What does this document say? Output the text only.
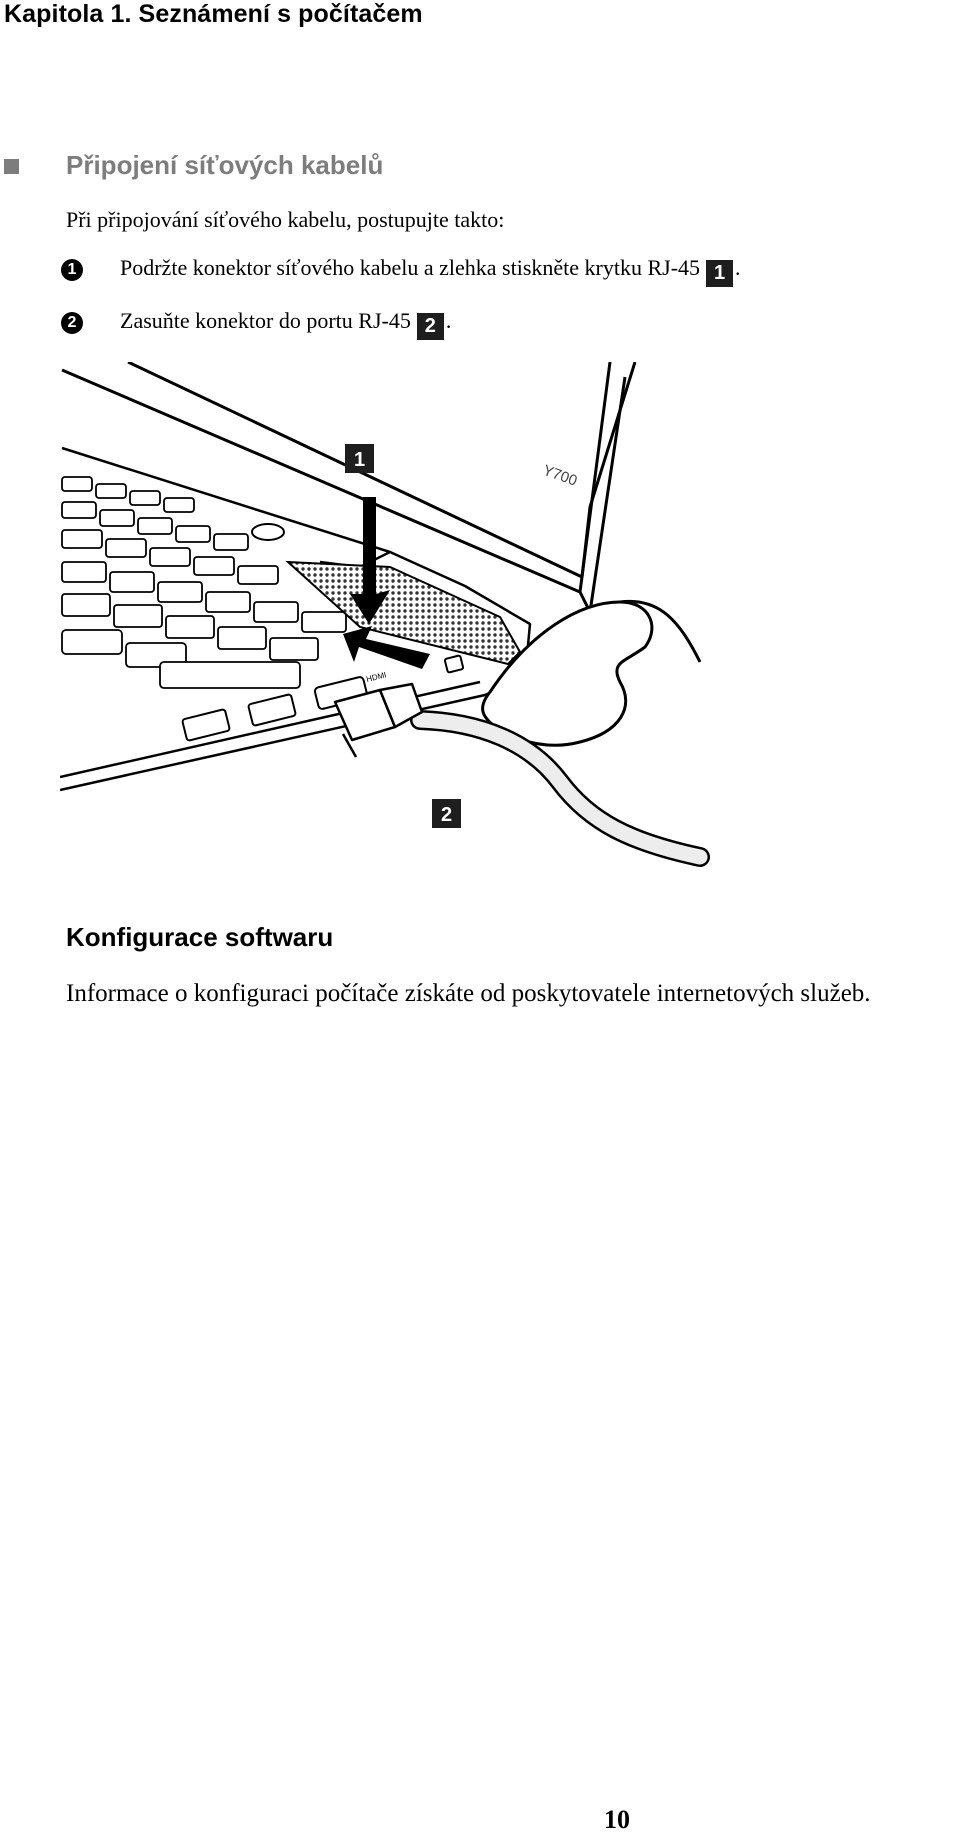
Kapitola 1. Seznámení s počítačem
Připojení síťových kabelů
Při připojování síťového kabelu, postupujte takto:
1 Podržte konektor síťového kabelu a zlehka stiskněte krytku RJ-45 1 .
2 Zasuňte konektor do portu RJ-45 2 .
Y700
HDMI
1
2
Konfigurace softwaru
Informace o konfiguraci počítače získáte od poskytovatele internetových služeb.
10
